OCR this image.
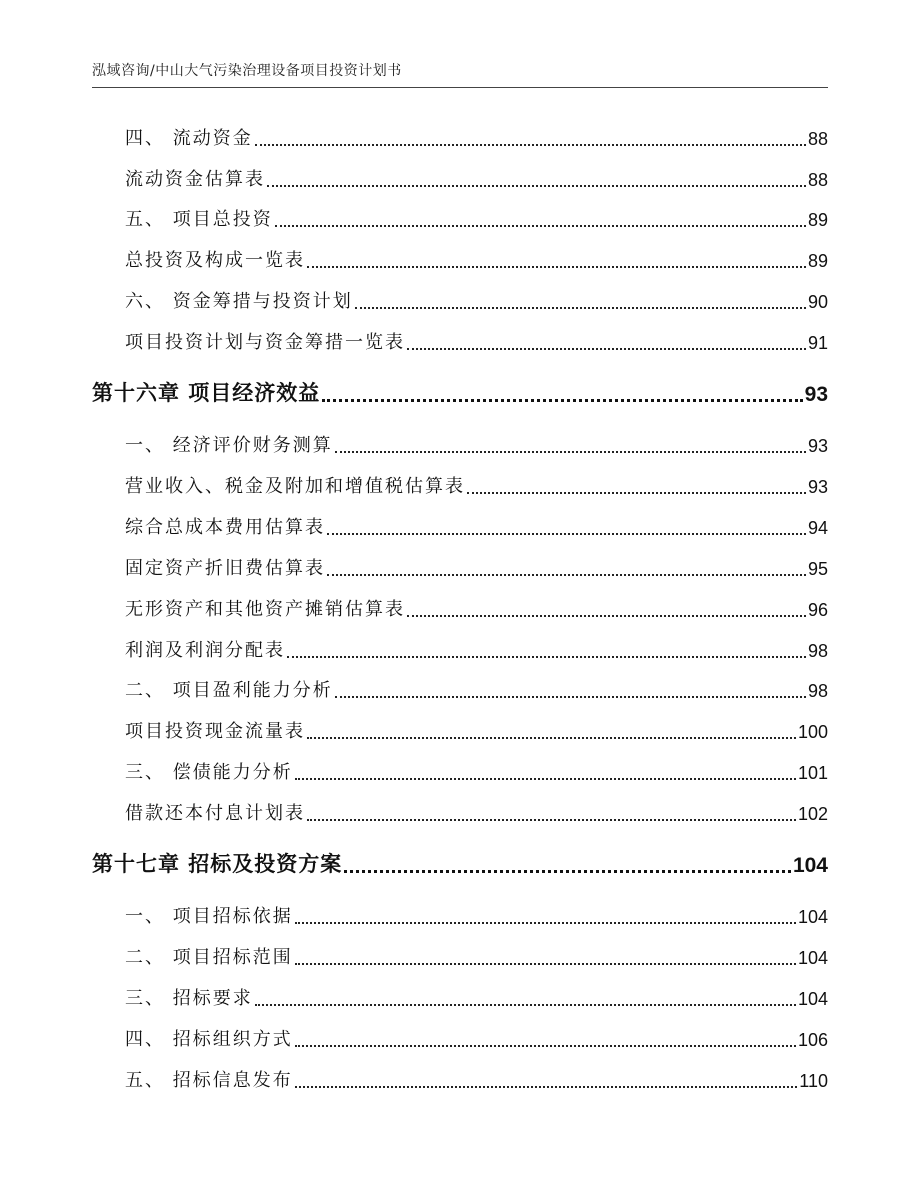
泓域咨询/中山大气污染治理设备项目投资计划书
四、 流动资金	88
流动资金估算表	88
五、 项目总投资	89
总投资及构成一览表	89
六、 资金筹措与投资计划	90
项目投资计划与资金筹措一览表	91
第十六章 项目经济效益	93
一、 经济评价财务测算	93
营业收入、税金及附加和增值税估算表	93
综合总成本费用估算表	94
固定资产折旧费估算表	95
无形资产和其他资产摊销估算表	96
利润及利润分配表	98
二、 项目盈利能力分析	98
项目投资现金流量表	100
三、 偿债能力分析	101
借款还本付息计划表	102
第十七章 招标及投资方案	104
一、 项目招标依据	104
二、 项目招标范围	104
三、 招标要求	104
四、 招标组织方式	106
五、 招标信息发布	110
